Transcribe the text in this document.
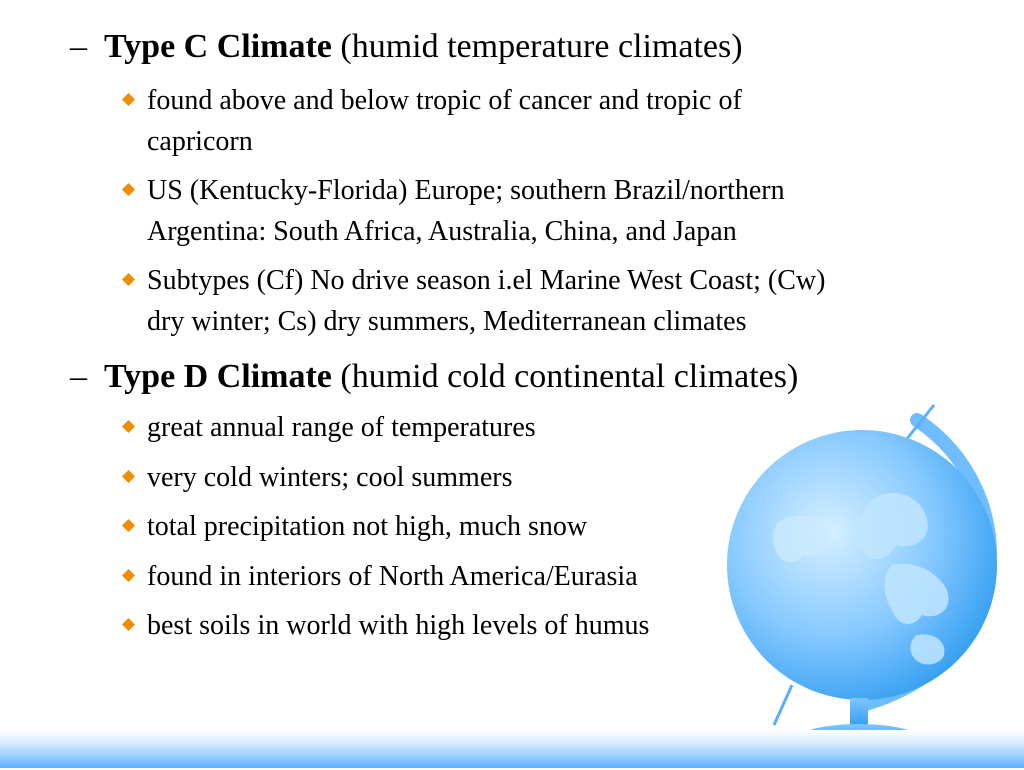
– Type C Climate (humid temperature climates)
found above and below tropic of cancer and tropic of
capricorn
US (Kentucky-Florida) Europe; southern Brazil/northern
Argentina: South Africa, Australia, China, and Japan
Subtypes (Cf) No drive season i.el Marine West Coast; (Cw)
dry winter; Cs) dry summers, Mediterranean climates
– Type D Climate (humid cold continental climates)
great annual range of temperatures
very cold winters; cool summers
total precipitation not high, much snow
found in interiors of North America/Eurasia
best soils in world with high levels of humus
